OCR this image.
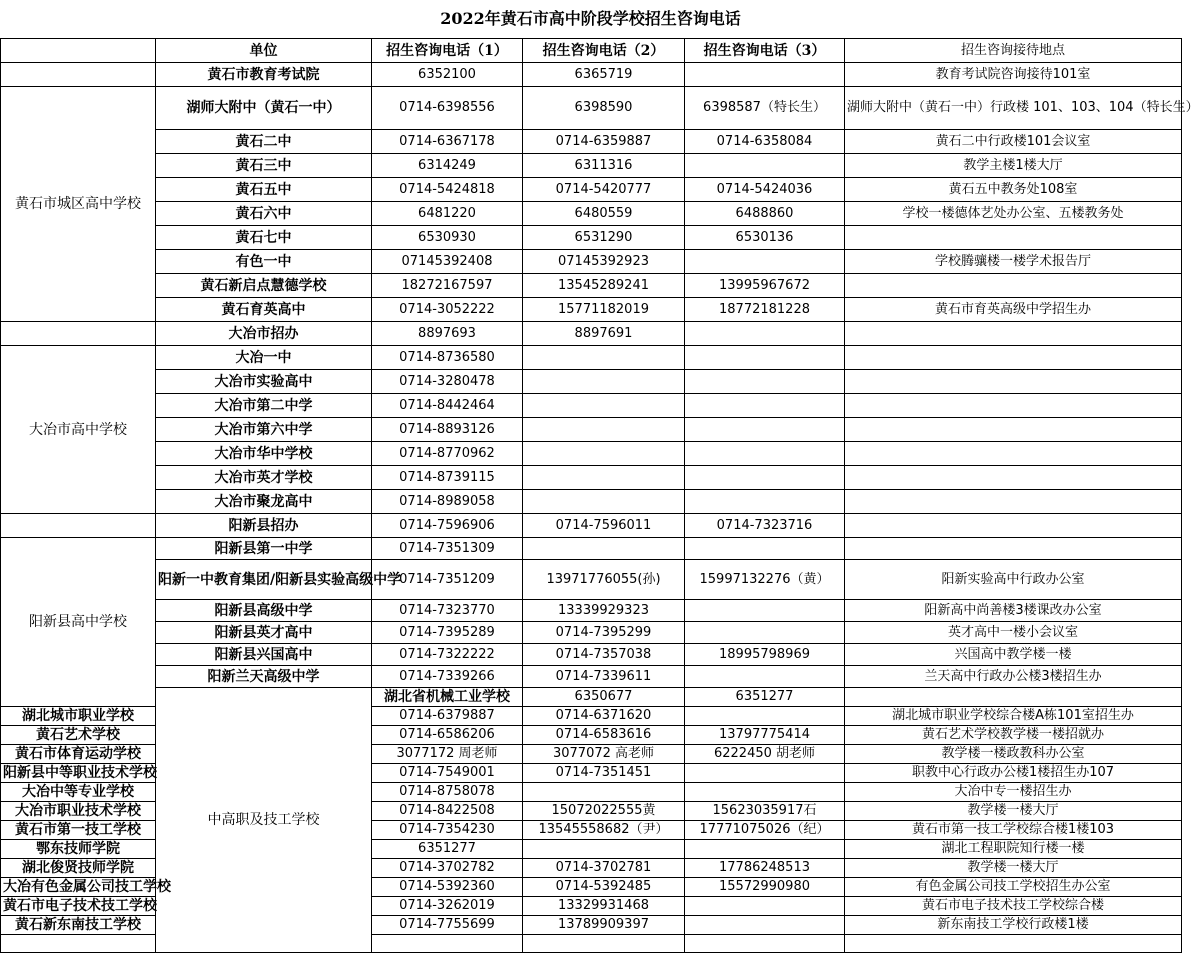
2022年黄石市高中阶段学校招生咨询电话
	单位	招生咨询电话（1）	招生咨询电话（2）	招生咨询电话（3）	招生咨询接待地点	
	黄石市教育考试院	6352100	6365719		教育考试院咨询接待101室	
黄石市城区高中学校	湖师大附中（黄石一中）	0714-6398556	6398590	6398587（特长生）	湖师大附中（黄石一中）行政楼 101、103、104（特长生）	
	黄石二中	0714-6367178	0714-6359887	0714-6358084	黄石二中行政楼101会议室	
	黄石三中	6314249	6311316		教学主楼1楼大厅	
	黄石五中	0714-5424818	0714-5420777	0714-5424036	黄石五中教务处108室	
	黄石六中	6481220	6480559	6488860	学校一楼德体艺处办公室、五楼教务处	
	黄石七中	6530930	6531290	6530136		
	有色一中	07145392408	07145392923		学校腾骧楼一楼学术报告厅	
	黄石新启点慧德学校	18272167597	13545289241	13995967672		
	黄石育英高中	0714-3052222	15771182019	18772181228	黄石市育英高级中学招生办	
	大冶市招办	8897693	8897691			
大冶市高中学校	大冶一中	0714-8736580				
	大冶市实验高中	0714-3280478				
	大冶市第二中学	0714-8442464				
	大冶市第六中学	0714-8893126				
	大冶市华中学校	0714-8770962				
	大冶市英才学校	0714-8739115				
	大冶市聚龙高中	0714-8989058				
	阳新县招办	0714-7596906	0714-7596011	0714-7323716		
阳新县高中学校	阳新县第一中学	0714-7351309				
	阳新一中教育集团/阳新县实验高级中学	0714-7351209	13971776055(孙)	15997132276（黄）	阳新实验高中行政办公室	
	阳新县高级中学	0714-7323770	13339929323		阳新高中尚善楼3楼课改办公室	
	阳新县英才高中	0714-7395289	0714-7395299		英才高中一楼小会议室	
	阳新县兴国高中	0714-7322222	0714-7357038	18995798969	兴国高中教学楼一楼	
	阳新兰天高级中学	0714-7339266	0714-7339611		兰天高中行政办公楼3楼招生办	
	中高职及技工学校	湖北省机械工业学校	6350677	6351277		
湖北城市职业学校		0714-6379887	0714-6371620		湖北城市职业学校综合楼A栋101室招生办	
黄石艺术学校		0714-6586206	0714-6583616	13797775414	黄石艺术学校教学楼一楼招就办	
黄石市体育运动学校		3077172 周老师	3077072 高老师	6222450 胡老师	教学楼一楼政教科办公室	
阳新县中等职业技术学校		0714-7549001	0714-7351451		职教中心行政办公楼1楼招生办107	
大冶中等专业学校		0714-8758078			大冶中专一楼招生办	
大冶市职业技术学校		0714-8422508	15072022555黄	15623035917石	教学楼一楼大厅	
黄石市第一技工学校		0714-7354230	13545558682（尹）	17771075026（纪）	黄石市第一技工学校综合楼1楼103	
鄂东技师学院		6351277			湖北工程职院知行楼一楼	
湖北俊贤技师学院		0714-3702782	0714-3702781	17786248513	教学楼一楼大厅	
大冶有色金属公司技工学校		0714-5392360	0714-5392485	15572990980	有色金属公司技工学校招生办公室	
黄石市电子技术技工学校		0714-3262019	13329931468		黄石市电子技术技工学校综合楼	
黄石新东南技工学校		0714-7755699	13789909397		新东南技工学校行政楼1楼	
